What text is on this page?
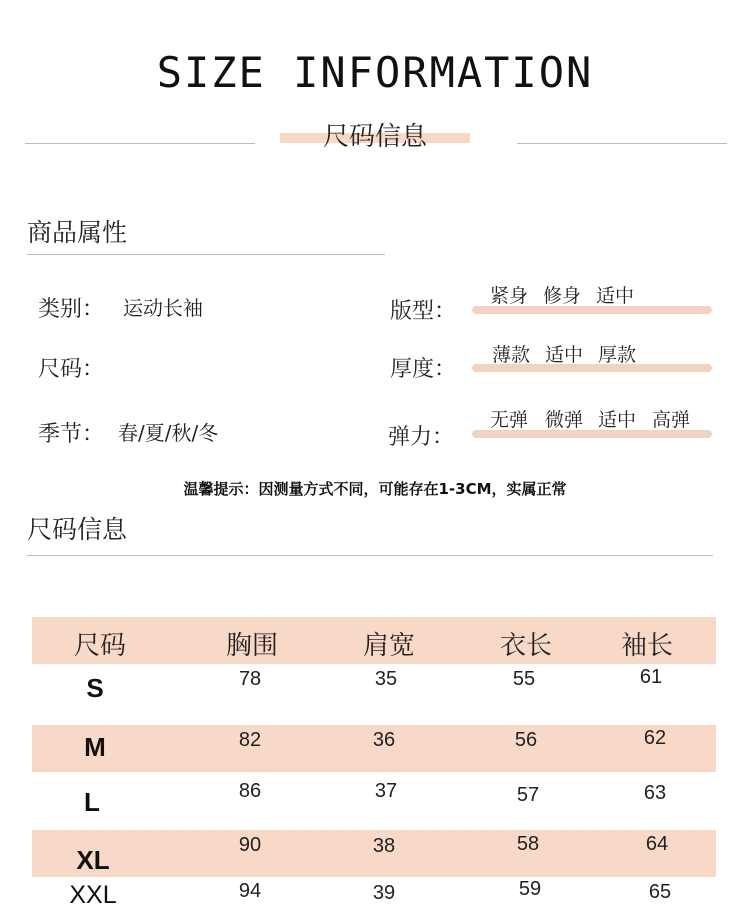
SIZE INFORMATION
尺码信息
商品属性
类别： 运动长袖
尺码：
季节： 春/夏/秋/冬
版型：
紧身 修身 适中
厚度：
薄款 适中 厚款
弹力：
无弹 微弹 适中 高弹
温馨提示：因测量方式不同，可能存在1-3CM，实属正常
尺码信息
尺码	胸围	肩宽	衣长	袖长
S	78	35	55	61
M	82	36	56	62
L	86	37	57	63
XL	90	38	58	64
XXL	94	39	59	65
